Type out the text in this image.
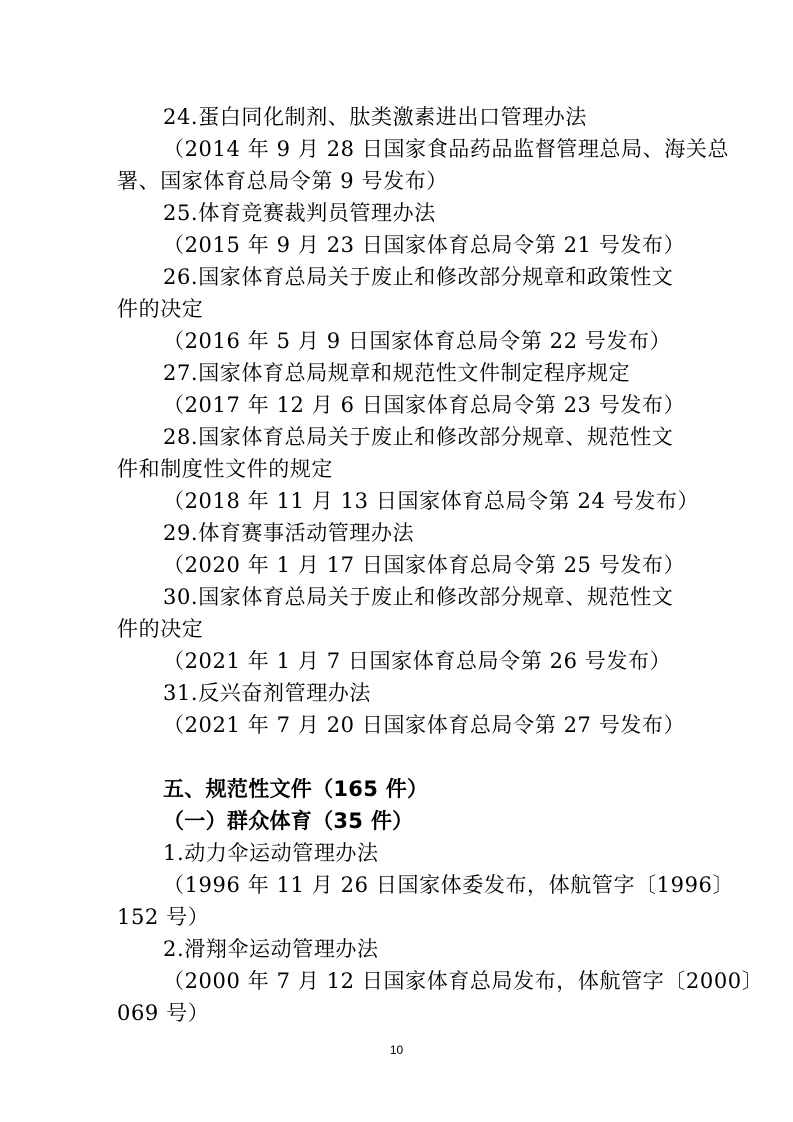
24.蛋白同化制剂、肽类激素进出口管理办法
（2014 年 9 月 28 日国家食品药品监督管理总局、海关总
署、国家体育总局令第 9 号发布）
25.体育竞赛裁判员管理办法
（2015 年 9 月 23 日国家体育总局令第 21 号发布）
26.国家体育总局关于废止和修改部分规章和政策性文
件的决定
（2016 年 5 月 9 日国家体育总局令第 22 号发布）
27.国家体育总局规章和规范性文件制定程序规定
（2017 年 12 月 6 日国家体育总局令第 23 号发布）
28.国家体育总局关于废止和修改部分规章、规范性文
件和制度性文件的规定
（2018 年 11 月 13 日国家体育总局令第 24 号发布）
29.体育赛事活动管理办法
（2020 年 1 月 17 日国家体育总局令第 25 号发布）
30.国家体育总局关于废止和修改部分规章、规范性文
件的决定
（2021 年 1 月 7 日国家体育总局令第 26 号发布）
31.反兴奋剂管理办法
（2021 年 7 月 20 日国家体育总局令第 27 号发布）
五、规范性文件（165 件）
（一）群众体育（35 件）
1.动力伞运动管理办法
（1996 年 11 月 26 日国家体委发布，体航管字〔1996〕
152 号）
2.滑翔伞运动管理办法
（2000 年 7 月 12 日国家体育总局发布，体航管字〔2000〕
069 号）
10
